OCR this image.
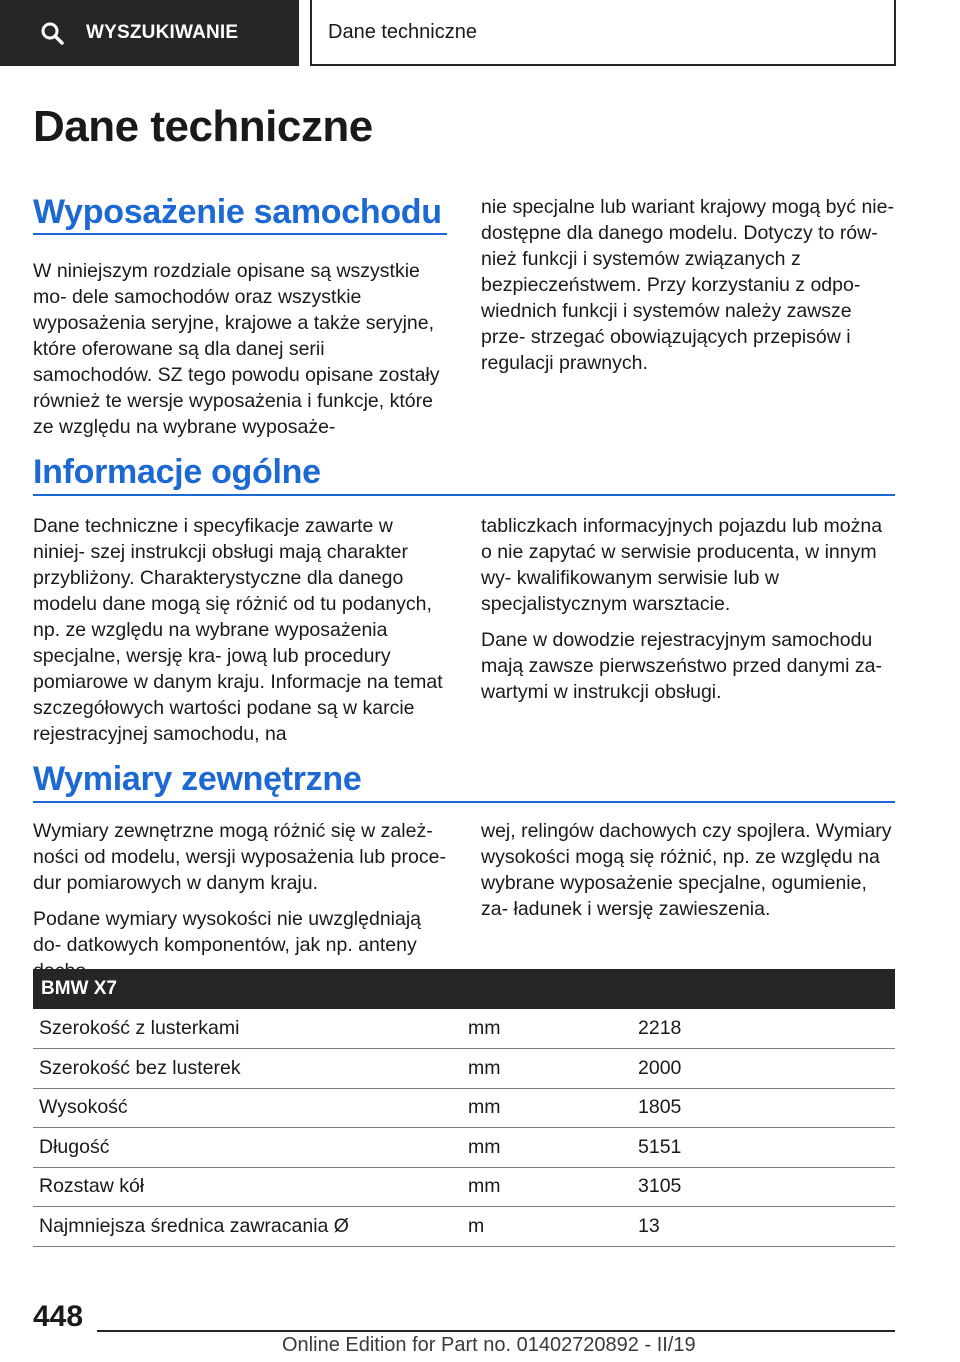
WYSZUKIWANIE	Dane techniczne
Dane techniczne
Wyposażenie samochodu

W niniejszym rozdziale opisane są wszystkie mo‐ dele samochodów oraz wszystkie wyposażenia seryjne, krajowe a także seryjne, które oferowane są dla danej serii samochodów. SZ tego powodu opisane zostały również te wersje wyposażenia i funkcje, które ze względu na wybrane wyposaże‐

nie specjalne lub wariant krajowy mogą być nie‐ dostępne dla danego modelu. Dotyczy to rów‐ nież funkcji i systemów związanych z bezpieczeństwem. Przy korzystaniu z odpo‐ wiednich funkcji i systemów należy zawsze prze‐ strzegać obowiązujących przepisów i regulacji prawnych.

Informacje ogólne

Dane techniczne i specyfikacje zawarte w niniej‐ szej instrukcji obsługi mają charakter przybliżony. Charakterystyczne dla danego modelu dane mogą się różnić od tu podanych, np. ze względu na wybrane wyposażenia specjalne, wersję kra‐ jową lub procedury pomiarowe w danym kraju. Informacje na temat szczegółowych wartości podane są w karcie rejestracyjnej samochodu, na

tabliczkach informacyjnych pojazdu lub można o nie zapytać w serwisie producenta, w innym wy‐ kwalifikowanym serwisie lub w specjalistycznym warsztacie.

Dane w dowodzie rejestracyjnym samochodu mają zawsze pierwszeństwo przed danymi za‐ wartymi w instrukcji obsługi.

Wymiary zewnętrzne

Wymiary zewnętrzne mogą różnić się w zależ‐ ności od modelu, wersji wyposażenia lub proce‐ dur pomiarowych w danym kraju.

Podane wymiary wysokości nie uwzględniają do‐ datkowych komponentów, jak np. anteny

wej, relingów dachowych czy spojlera. Wymiary wysokości mogą się różnić, np. ze względu na wybrane wyposażenie specjalne, ogumienie, za‐ ładunek i wersję zawieszenia.

BMW X7		
Szerokość z lusterkami	mm	2218
Szerokość bez lusterek	mm	2000
Wysokość	mm	1805
Długość	mm	5151
Rozstaw kół	mm	3105
Najmniejsza średnica zawracania Ø	m	13
448
Online Edition for Part no. 01402720892 - II/19
